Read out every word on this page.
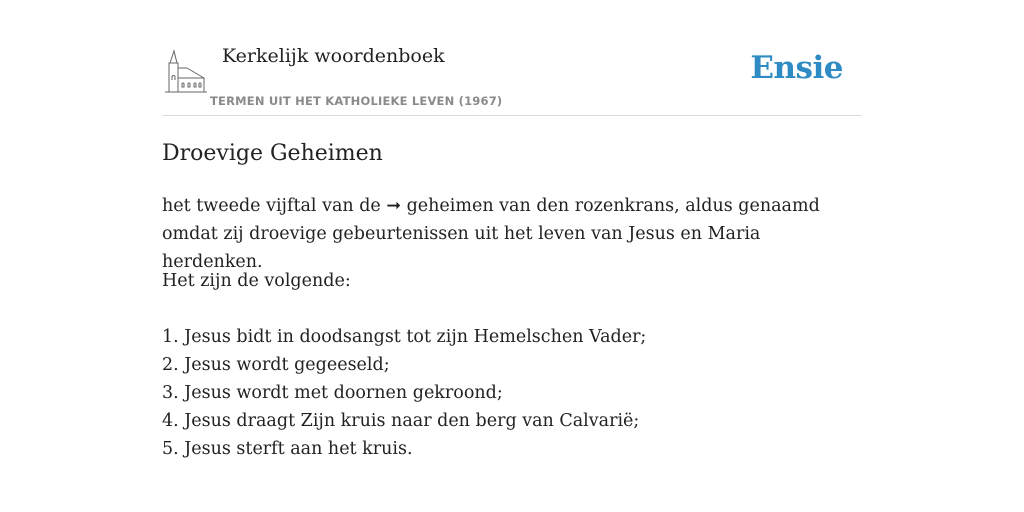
Kerkelijk woordenboek
TERMEN UIT HET KATHOLIEKE LEVEN (1967)
Ensie
Droevige Geheimen

het tweede vijftal van de ➞ geheimen van den rozenkrans, aldus genaamd omdat zij droevige gebeurtenissen uit het leven van Jesus en Maria herdenken.

Het zijn de volgende:

1. Jesus bidt in doodsangst tot zijn Hemelschen Vader;
2. Jesus wordt gegeeseld;
3. Jesus wordt met doornen gekroond;
4. Jesus draagt Zijn kruis naar den berg van Calvarië;
5. Jesus sterft aan het kruis.
